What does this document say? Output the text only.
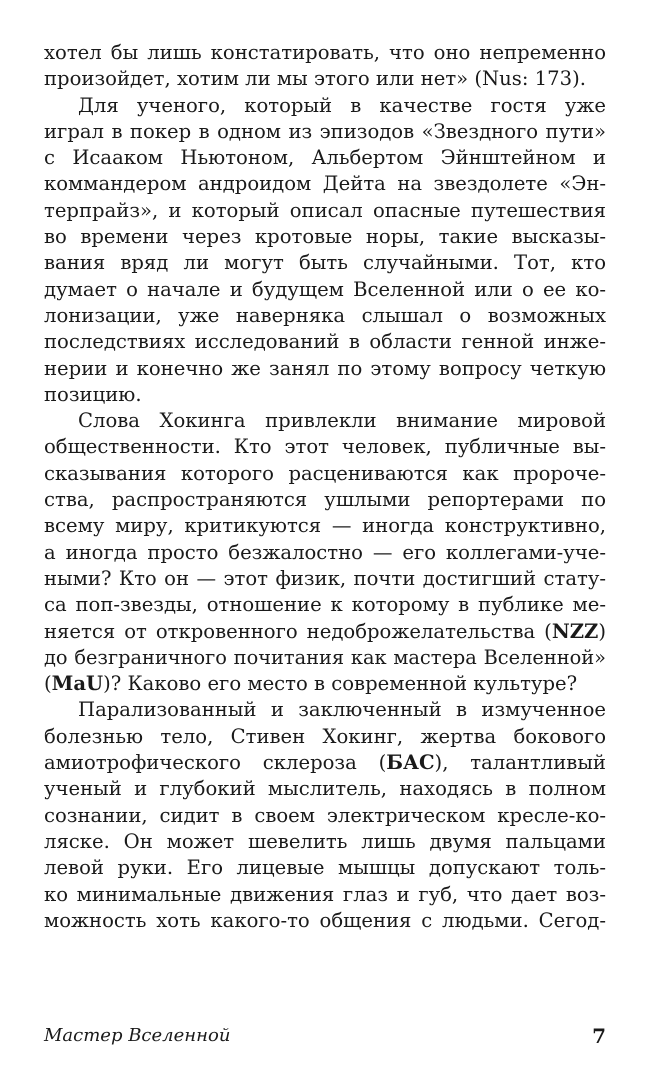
хотел бы лишь констатировать, что оно непременно
произойдет, хотим ли мы этого или нет» (Nus: 173).
Для ученого, который в качестве гостя уже
играл в покер в одном из эпизодов «Звездного пути»
с Исааком Ньютоном, Альбертом Эйнштейном и
коммандером андроидом Дейта на звездолете «Эн-
терпрайз», и который описал опасные путешествия
во времени через кротовые норы, такие высказы-
вания вряд ли могут быть случайными. Тот, кто
думает о начале и будущем Вселенной или о ее ко-
лонизации, уже наверняка слышал о возможных
последствиях исследований в области генной инже-
нерии и конечно же занял по этому вопросу четкую
позицию.
Слова Хокинга привлекли внимание мировой
общественности. Кто этот человек, публичные вы-
сказывания которого расцениваются как пророче-
ства, распространяются ушлыми репортерами по
всему миру, критикуются — иногда конструктивно,
а иногда просто безжалостно — его коллегами-уче-
ными? Кто он — этот физик, почти достигший стату-
са поп-звезды, отношение к которому в публике ме-
няется от откровенного недоброжелательства (NZZ)
до безграничного почитания как мастера Вселенной»
(MaU)? Каково его место в современной культуре?
Парализованный и заключенный в измученное
болезнью тело, Стивен Хокинг, жертва бокового
амиотрофического склероза (БАС), талантливый
ученый и глубокий мыслитель, находясь в полном
сознании, сидит в своем электрическом кресле-ко-
ляске. Он может шевелить лишь двумя пальцами
левой руки. Его лицевые мышцы допускают толь-
ко минимальные движения глаз и губ, что дает воз-
можность хоть какого-то общения с людьми. Сегод-
Мастер Вселенной	7
